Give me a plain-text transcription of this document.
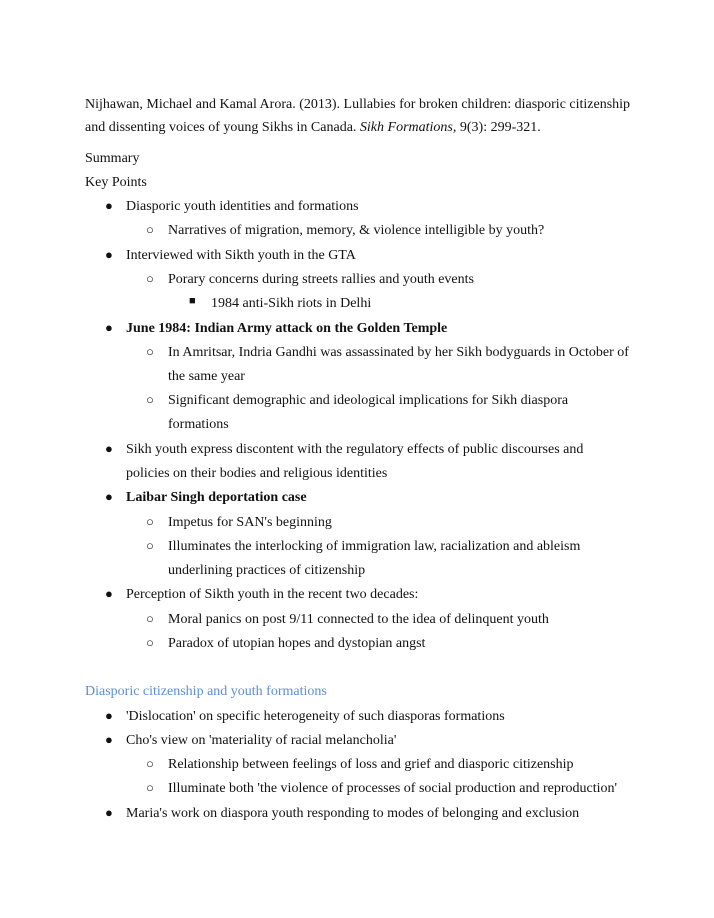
Nijhawan, Michael and Kamal Arora. (2013). Lullabies for broken children: diasporic citizenship
and dissenting voices of young Sikhs in Canada. Sikh Formations, 9(3): 299-321.
Summary
Key Points
● Diasporic youth identities and formations
○ Narratives of migration, memory, & violence intelligible by youth?
● Interviewed with Sikth youth in the GTA
○ Porary concerns during streets rallies and youth events
■ 1984 anti-Sikh riots in Delhi
● June 1984: Indian Army attack on the Golden Temple
○ In Amritsar, Indria Gandhi was assassinated by her Sikh bodyguards in October of
the same year
○ Significant demographic and ideological implications for Sikh diaspora
formations
● Sikh youth express discontent with the regulatory effects of public discourses and
policies on their bodies and religious identities
● Laibar Singh deportation case
○ Impetus for SAN's beginning
○ Illuminates the interlocking of immigration law, racialization and ableism
underlining practices of citizenship
● Perception of Sikth youth in the recent two decades:
○ Moral panics on post 9/11 connected to the idea of delinquent youth
○ Paradox of utopian hopes and dystopian angst
Diasporic citizenship and youth formations
● 'Dislocation' on specific heterogeneity of such diasporas formations
● Cho's view on 'materiality of racial melancholia'
○ Relationship between feelings of loss and grief and diasporic citizenship
○ Illuminate both 'the violence of processes of social production and reproduction'
● Maria's work on diaspora youth responding to modes of belonging and exclusion
